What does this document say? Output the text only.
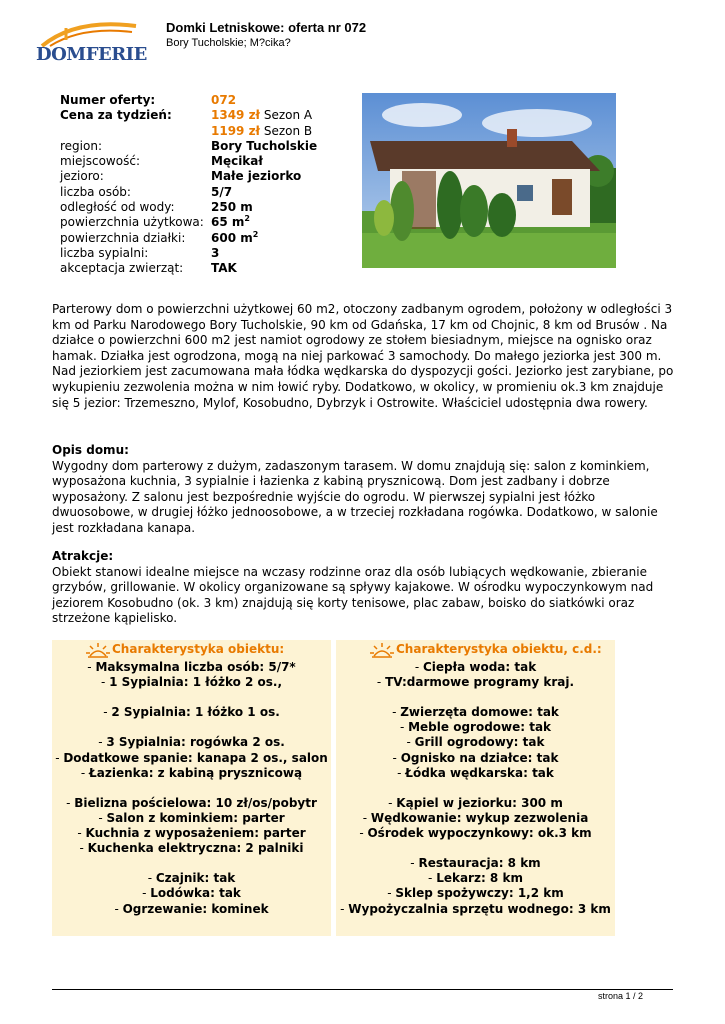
DOMFERIE
Domki Letniskowe: oferta nr 072
Bory Tucholskie; M?cika?
Numer oferty:	072
Cena za tydzień:	1349 zł Sezon A
1199 zł Sezon B
region:	Bory Tucholskie
miejscowość:	Męcikał
jezioro:	Małe jeziorko
liczba osób:	5/7
odległość od wody:	250 m
powierzchnia użytkowa: 65 $m^2$
powierzchnia działki:	600 $m^2$
liczba sypialni:	3
akceptacja zwierząt:	TAK
Parterowy dom o powierzchni użytkowej 60 m2, otoczony zadbanym ogrodem, położony w odległości 3 km od Parku Narodowego Bory Tucholskie, 90 km od Gdańska, 17 km od Chojnic, 8 km od Brusów . Na działce o powierzchni 600 m2 jest namiot ogrodowy ze stołem biesiadnym, miejsce na ognisko oraz hamak. Działka jest ogrodzona, mogą na niej parkować 3 samochody. Do małego jeziorka jest 300 m. Nad jeziorkiem jest zacumowana mała łódka wędkarska do dyspozycji gości. Jeziorko jest zarybiane, po wykupieniu zezwolenia można w nim łowić ryby. Dodatkowo, w okolicy, w promieniu ok.3 km znajduje się 5 jezior: Trzemeszno, Mylof, Kosobudno, Dybrzyk i Ostrowite. Właściciel udostępnia dwa rowery.
Opis domu:
Wygodny dom parterowy z dużym, zadaszonym tarasem. W domu znajdują się: salon z kominkiem, wyposażona kuchnia, 3 sypialnie i łazienka z kabiną prysznicową. Dom jest zadbany i dobrze wyposażony. Z salonu jest bezpośrednie wyjście do ogrodu. W pierwszej sypialni jest łóżko dwuosobowe, w drugiej łóżko jednoosobowe, a w trzeciej rozkładana rogówka. Dodatkowo, w salonie jest rozkładana kanapa.
Atrakcje:
Obiekt stanowi idealne miejsce na wczasy rodzinne oraz dla osób lubiących wędkowanie, zbieranie grzybów, grillowanie. W okolicy organizowane są spływy kajakowe. W ośrodku wypoczynkowym nad jeziorem Kosobudno (ok. 3 km) znajdują się korty tenisowe, plac zabaw, boisko do siatkówki oraz strzeżone kąpielisko.
Charakterystyka obiektu:
- Maksymalna liczba osób: 5/7*
- 1 Sypialnia: 1 łóżko 2 os.,
- 2 Sypialnia: 1 łóżko 1 os.
- 3 Sypialnia: rogówka 2 os.
- Dodatkowe spanie: kanapa 2 os., salon
- Łazienka: z kabiną prysznicową
- Bielizna pościelowa: 10 zł/os/pobytr
- Salon z kominkiem: parter
- Kuchnia z wyposażeniem: parter
- Kuchenka elektryczna: 2 palniki
- Czajnik: tak
- Lodówka: tak
- Ogrzewanie: kominek
Charakterystyka obiektu, c.d.:
- Ciepła woda: tak
- TV:darmowe programy kraj.
- Zwierzęta domowe: tak
- Meble ogrodowe: tak
- Grill ogrodowy: tak
- Ognisko na działce: tak
- Łódka wędkarska: tak
- Kąpiel w jeziorku: 300 m
- Wędkowanie: wykup zezwolenia
- Ośrodek wypoczynkowy: ok.3 km
- Restauracja: 8 km
- Lekarz: 8 km
- Sklep spożywczy: 1,2 km
- Wypożyczalnia sprzętu wodnego: 3 km
strona 1 / 2
